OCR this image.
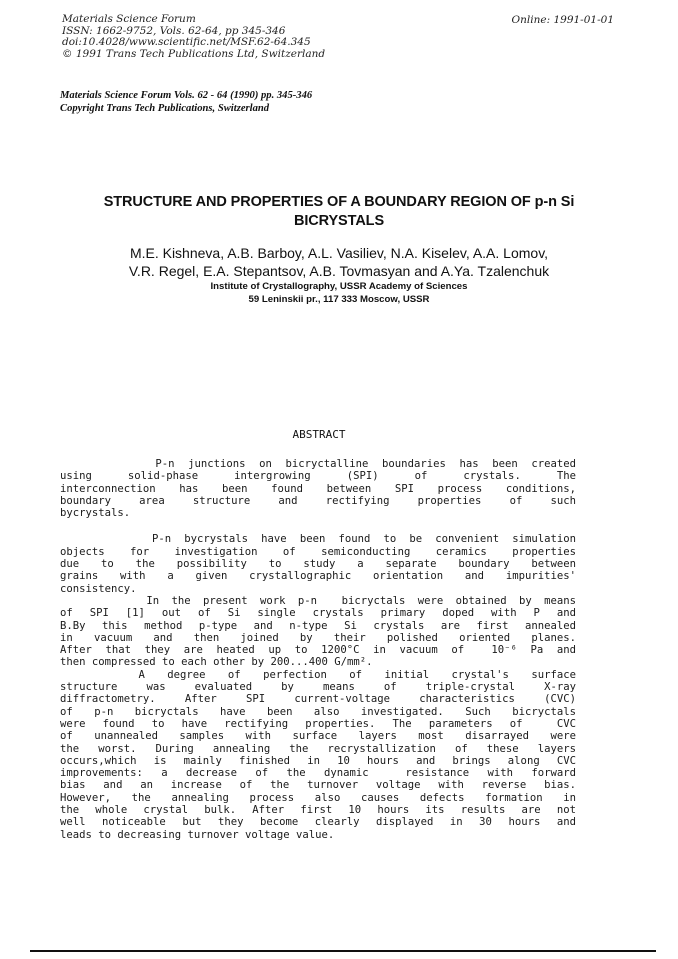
Materials Science Forum
ISSN: 1662-9752, Vols. 62-64, pp 345-346
doi:10.4028/www.scientific.net/MSF.62-64.345
© 1991 Trans Tech Publications Ltd, Switzerland
Online: 1991-01-01
Materials Science Forum Vols. 62 - 64 (1990) pp. 345-346
Copyright Trans Tech Publications, Switzerland
STRUCTURE AND PROPERTIES OF A BOUNDARY REGION OF p-n Si
BICRYSTALS
M.E. Kishneva, A.B. Barboy, A.L. Vasiliev, N.A. Kiselev, A.A. Lomov,
V.R. Regel, E.A. Stepantsov, A.B. Tovmasyan and A.Ya. Tzalenchuk
Institute of Crystallography, USSR Academy of Sciences
59 Leninskii pr., 117 333 Moscow, USSR
ABSTRACT
P-n junctions on bicryctalline boundaries has been created
using  solid-phase  intergrowing  (SPI)  of  crystals.  The
interconnection has been found between SPI process conditions,
boundary area structure and rectifying properties of such
bycrystals.
P-n bycrystals have been found to be convenient simulation
objects for investigation of semiconducting ceramics properties
due to the possibility to study a separate boundary between
grains with a given crystallographic orientation and impurities'
consistency.
In the present work p-n  bicryctals were obtained by means
of SPI [1] out of Si single crystals primary doped with P and
B.By this method p-type and n-type Si crystals are first annealed
in vacuum and then joined by their polished oriented planes.
After that they are heated up to 1200°C in vacuum of  10⁻⁶ Pa and
then compressed to each other by 200...400 G/mm².
A  degree  of  perfection  of  initial  crystal's  surface
structure  was  evaluated  by  means  of  triple-crystal  X-ray
diffractometry. After SPI current-voltage characteristics (CVC)
of p-n bicryctals have been also investigated. Such bicryctals
were found to have rectifying properties. The parameters of  CVC
of unannealed samples with surface layers most disarrayed were
the worst. During annealing the recrystallization of these layers
occurs,which is mainly finished in 10 hours and brings along CVC
improvements: a decrease of the dynamic  resistance with forward
bias and an increase of the turnover voltage with reverse bias.
However, the annealing process also causes defects formation in
the whole crystal bulk. After first 10 hours its results are not
well noticeable but they become clearly displayed in 30 hours and
leads to decreasing turnover voltage value.
